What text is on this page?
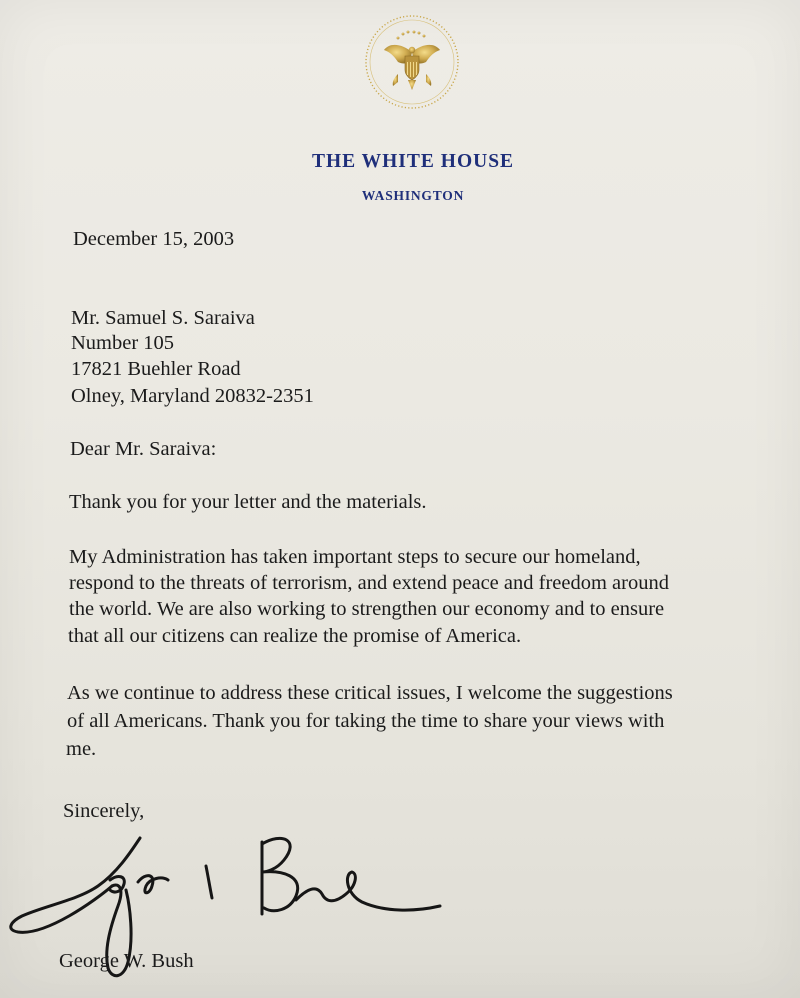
THE WHITE HOUSE
WASHINGTON
December 15, 2003
Mr. Samuel S. Saraiva
Number 105
17821 Buehler Road
Olney, Maryland 20832-2351
Dear Mr. Saraiva:
Thank you for your letter and the materials.
My Administration has taken important steps to secure our homeland,
respond to the threats of terrorism, and extend peace and freedom around
the world. We are also working to strengthen our economy and to ensure
that all our citizens can realize the promise of America.
As we continue to address these critical issues, I welcome the suggestions
of all Americans. Thank you for taking the time to share your views with
me.
Sincerely,
George W. Bush
